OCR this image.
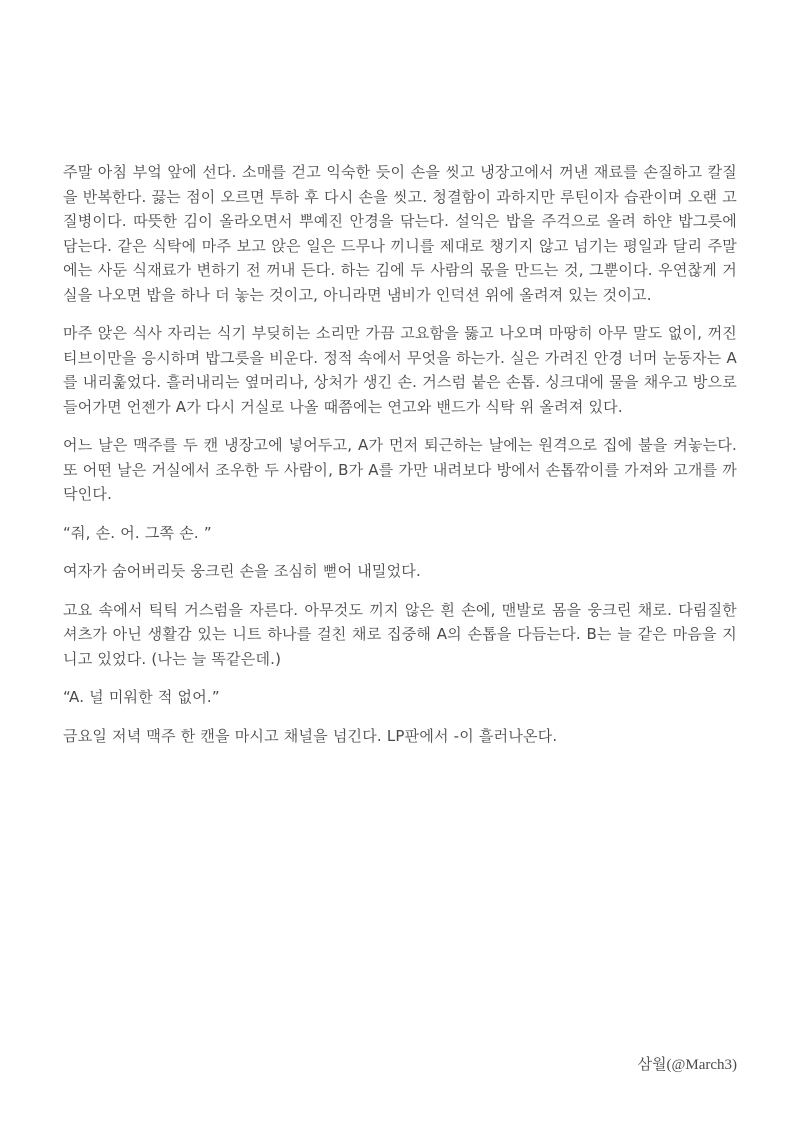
주말 아침 부엌 앞에 선다. 소매를 걷고 익숙한 듯이 손을 씻고 냉장고에서 꺼낸 재료를 손질하고 칼질을 반복한다. 끓는 점이 오르면 투하 후 다시 손을 씻고. 청결함이 과하지만 루틴이자 습관이며 오랜 고질병이다. 따뜻한 김이 올라오면서 뿌예진 안경을 닦는다. 설익은 밥을 주걱으로 올려 하얀 밥그릇에 담는다. 같은 식탁에 마주 보고 앉은 일은 드무나 끼니를 제대로 챙기지 않고 넘기는 평일과 달리 주말에는 사둔 식재료가 변하기 전 꺼내 든다. 하는 김에 두 사람의 몫을 만드는 것, 그뿐이다. 우연찮게 거실을 나오면 밥을 하나 더 놓는 것이고, 아니라면 냄비가 인덕션 위에 올려져 있는 것이고.

마주 앉은 식사 자리는 식기 부딪히는 소리만 가끔 고요함을 뚫고 나오며 마땅히 아무 말도 없이, 꺼진 티브이만을 응시하며 밥그릇을 비운다. 정적 속에서 무엇을 하는가. 실은 가려진 안경 너머 눈동자는 A를 내리훑었다. 흘러내리는 옆머리나, 상처가 생긴 손. 거스럼 붙은 손톱. 싱크대에 물을 채우고 방으로 들어가면 언젠가 A가 다시 거실로 나올 때쯤에는 연고와 밴드가 식탁 위 올려져 있다.

어느 날은 맥주를 두 캔 냉장고에 넣어두고, A가 먼저 퇴근하는 날에는 원격으로 집에 불을 켜놓는다. 또 어떤 날은 거실에서 조우한 두 사람이, B가 A를 가만 내려보다 방에서 손톱깎이를 가져와 고개를 까닥인다.

“줘, 손. 어. 그쪽 손. ”

여자가 숨어버리듯 웅크린 손을 조심히 뻗어 내밀었다.

고요 속에서 틱틱 거스럼을 자른다. 아무것도 끼지 않은 흰 손에, 맨발로 몸을 웅크린 채로. 다림질한 셔츠가 아닌 생활감 있는 니트 하나를 걸친 채로 집중해 A의 손톱을 다듬는다. B는 늘 같은 마음을 지니고 있었다. (나는 늘 똑같은데.)

“A. 널 미워한 적 없어.”

금요일 저녁 맥주 한 캔을 마시고 채널을 넘긴다. LP판에서 -이 흘러나온다.

삼월(@March3)
